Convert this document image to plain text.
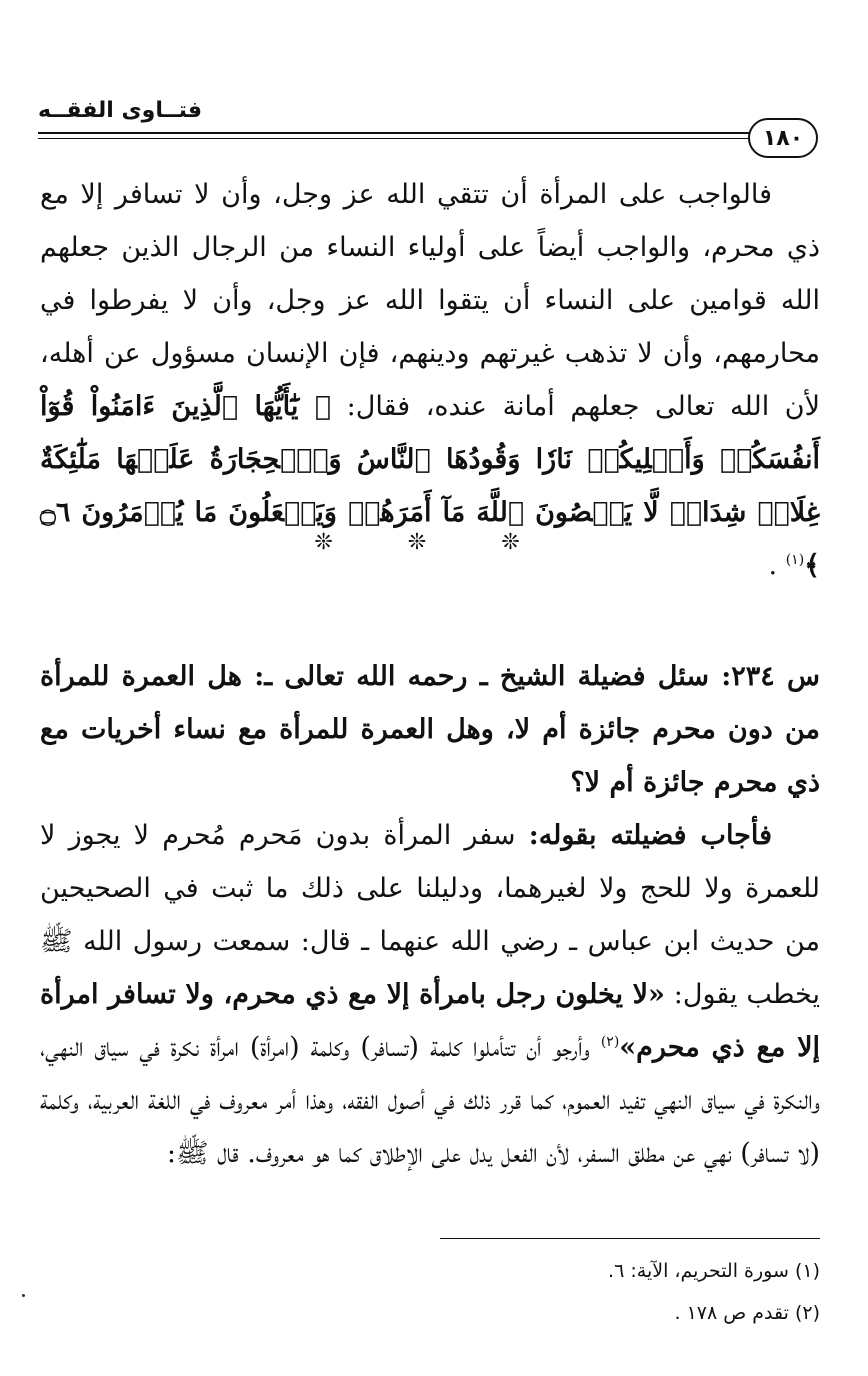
فتــاوى الفقــه
١٨٠

فالواجب على المرأة أن تتقي الله عز وجل، وأن لا تسافر إلا مع ذي محرم، والواجب أيضاً على أولياء النساء من الرجال الذين جعلهم الله قوامين على النساء أن يتقوا الله عز وجل، وأن لا يفرطوا في محارمهم، وأن لا تذهب غيرتهم ودينهم، فإن الإنسان مسؤول عن أهله، لأن الله تعالى جعلهم أمانة عنده، فقال: ﴿ يَٰٓأَيُّهَا ٱلَّذِينَ ءَامَنُواْ قُوٓاْ أَنفُسَكُمۡ وَأَهۡلِيكُمۡ نَارٗا وَقُودُهَا ٱلنَّاسُ وَٱلۡحِجَارَةُ عَلَيۡهَا مَلَٰٓئِكَةٌ غِلَاظٞ شِدَادٞ لَّا يَعۡصُونَ ٱللَّهَ مَآ أَمَرَهُمۡ وَيَفۡعَلُونَ مَا يُؤۡمَرُونَ ۝٦ ﴾$^{(١)}$ .

س ٢٣٤: سئل فضيلة الشيخ ـ رحمه الله تعالى ـ: هل العمرة للمرأة من دون محرم جائزة أم لا، وهل العمرة للمرأة مع نساء أخريات مع ذي محرم جائزة أم لا؟

فأجاب فضيلته بقوله: سفر المرأة بدون مَحرم مُحرم لا يجوز لا للعمرة ولا للحج ولا لغيرهما، ودليلنا على ذلك ما ثبت في الصحيحين من حديث ابن عباس ـ رضي الله عنهما ـ قال: سمعت رسول الله ﷺ يخطب يقول: «لا يخلون رجل بامرأة إلا مع ذي محرم، ولا تسافر امرأة إلا مع ذي محرم»$^{(٢)}$ وأرجو أن تتأملوا كلمة (تسافر) وكلمة (امرأة) امرأة نكرة في سياق النهي، والنكرة في سياق النهي تفيد العموم، كما قرر ذلك في أصول الفقه، وهذا أمر معروف في اللغة العربية، وكلمة (لا تسافر) نهي عن مطلق السفر، لأن الفعل يدل على الإطلاق كما هو معروف. قال ﷺ:

❊ ❊ ❊

(١) سورة التحريم، الآية: ٦.

(٢) تقدم ص ١٧٨ .
